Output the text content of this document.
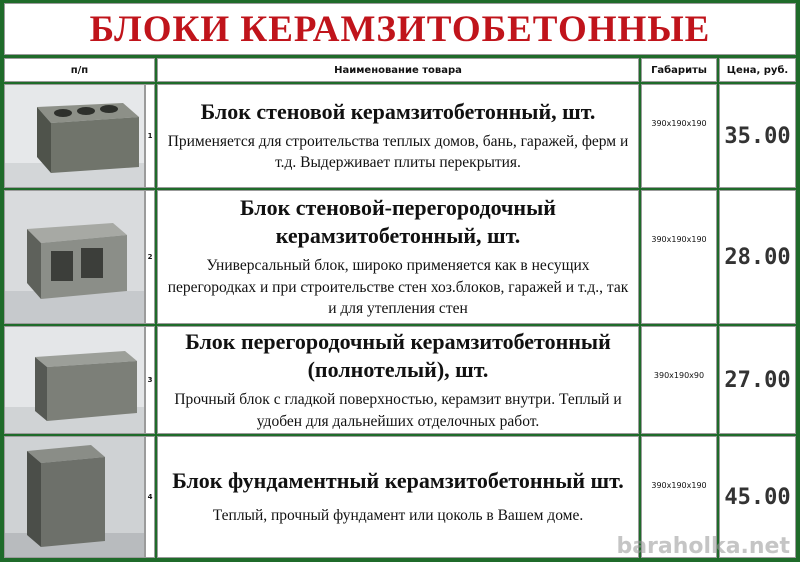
БЛОКИ КЕРАМЗИТОБЕТОННЫЕ
п/п	Наименование товара	Габариты Цена, руб.
1
Блок стеновой керамзитобетонный, шт.
Применяется для строительства теплых домов, бань, гаражей, ферм и т.д. Выдерживает плиты перекрытия.
390х190х190 35.00
2
Блок стеновой-перегородочный керамзитобетонный, шт.
Универсальный блок, широко применяется как в несущих перегородках и при строительстве стен хоз.блоков, гаражей и т.д., так и для утепления стен
390х190х190
28.00
3
Блок перегородочный керамзитобетонный (полнотелый), шт.
Прочный блок с гладкой поверхностью, керамзит внутри. Теплый и удобен для дальнейших отделочных работ.
390х190х90 27.00
4
Блок фундаментный керамзитобетонный шт.
Теплый, прочный фундамент или цоколь в Вашем доме.
390х190х190 45.00
baraholka.net
